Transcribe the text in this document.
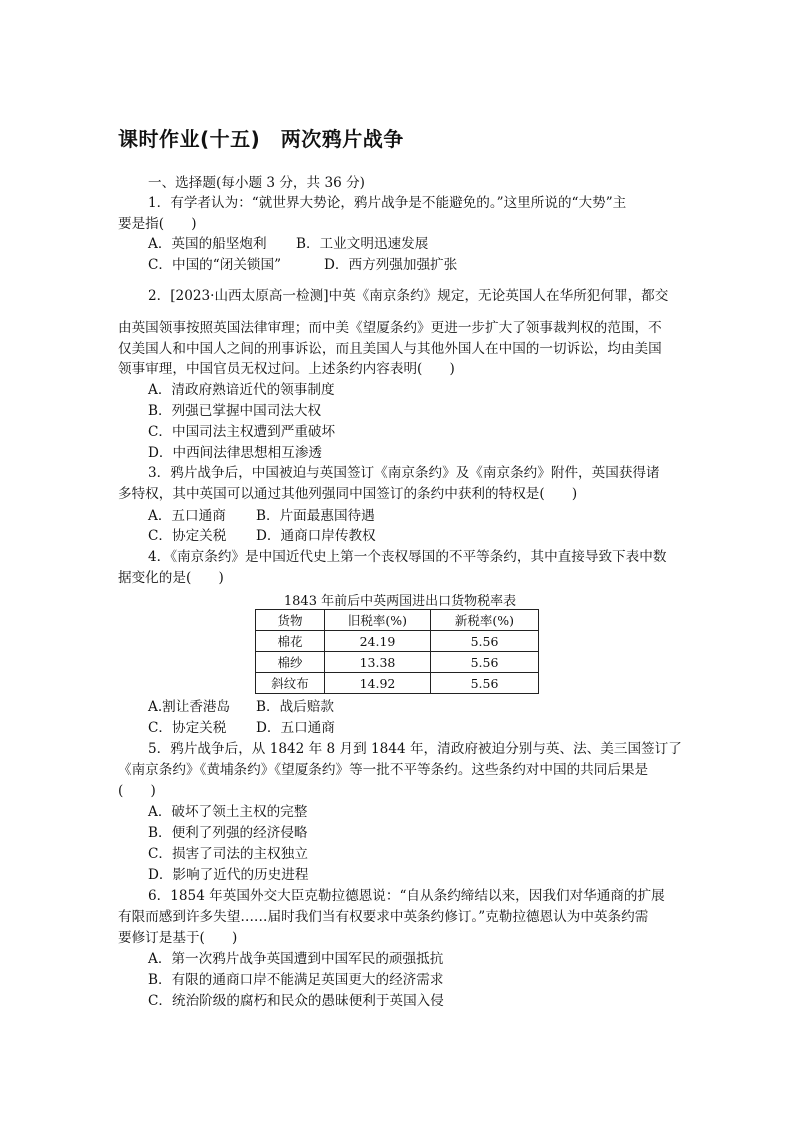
课时作业(十五)　两次鸦片战争
一、选择题(每小题 3 分，共 36 分)
1．有学者认为：“就世界大势论，鸦片战争是不能避免的。”这里所说的“大势”主
要是指(　　)
A．英国的船坚炮利 B．工业文明迅速发展
C．中国的“闭关锁国”	D．西方列强加强扩张
2．[2023·山西太原高一检测]中英《南京条约》规定，无论英国人在华所犯何罪，都交
由英国领事按照英国法律审理；而中美《望厦条约》更进一步扩大了领事裁判权的范围，不
仅美国人和中国人之间的刑事诉讼，而且美国人与其他外国人在中国的一切诉讼，均由美国
领事审理，中国官员无权过问。上述条约内容表明(　　)
A．清政府熟谙近代的领事制度
B．列强已掌握中国司法大权
C．中国司法主权遭到严重破坏
D．中西间法律思想相互渗透
3．鸦片战争后，中国被迫与英国签订《南京条约》及《南京条约》附件，英国获得诸
多特权，其中英国可以通过其他列强同中国签订的条约中获利的特权是(　　)
A．五口通商 B．片面最惠国待遇
C．协定关税 D．通商口岸传教权
4．《南京条约》是中国近代史上第一个丧权辱国的不平等条约，其中直接导致下表中数
据变化的是(　　)
1843 年前后中英两国进出口货物税率表
货物	旧税率(%)	新税率(%)
棉花	24.19	5.56
棉纱	13.38	5.56
斜纹布	14.92	5.56
A.割让香港岛 B．战后赔款
C．协定关税 D．五口通商
5．鸦片战争后，从 1842 年 8 月到 1844 年，清政府被迫分别与英、法、美三国签订了
《南京条约》《黄埔条约》《望厦条约》等一批不平等条约。这些条约对中国的共同后果是
(　　)
A．破坏了领土主权的完整
B．便利了列强的经济侵略
C．损害了司法的主权独立
D．影响了近代的历史进程
6．1854 年英国外交大臣克勒拉德恩说：“自从条约缔结以来，因我们对华通商的扩展
有限而感到许多失望……届时我们当有权要求中英条约修订。”克勒拉德恩认为中英条约需
要修订是基于(　　)
A．第一次鸦片战争英国遭到中国军民的顽强抵抗
B．有限的通商口岸不能满足英国更大的经济需求
C．统治阶级的腐朽和民众的愚昧便利于英国入侵
